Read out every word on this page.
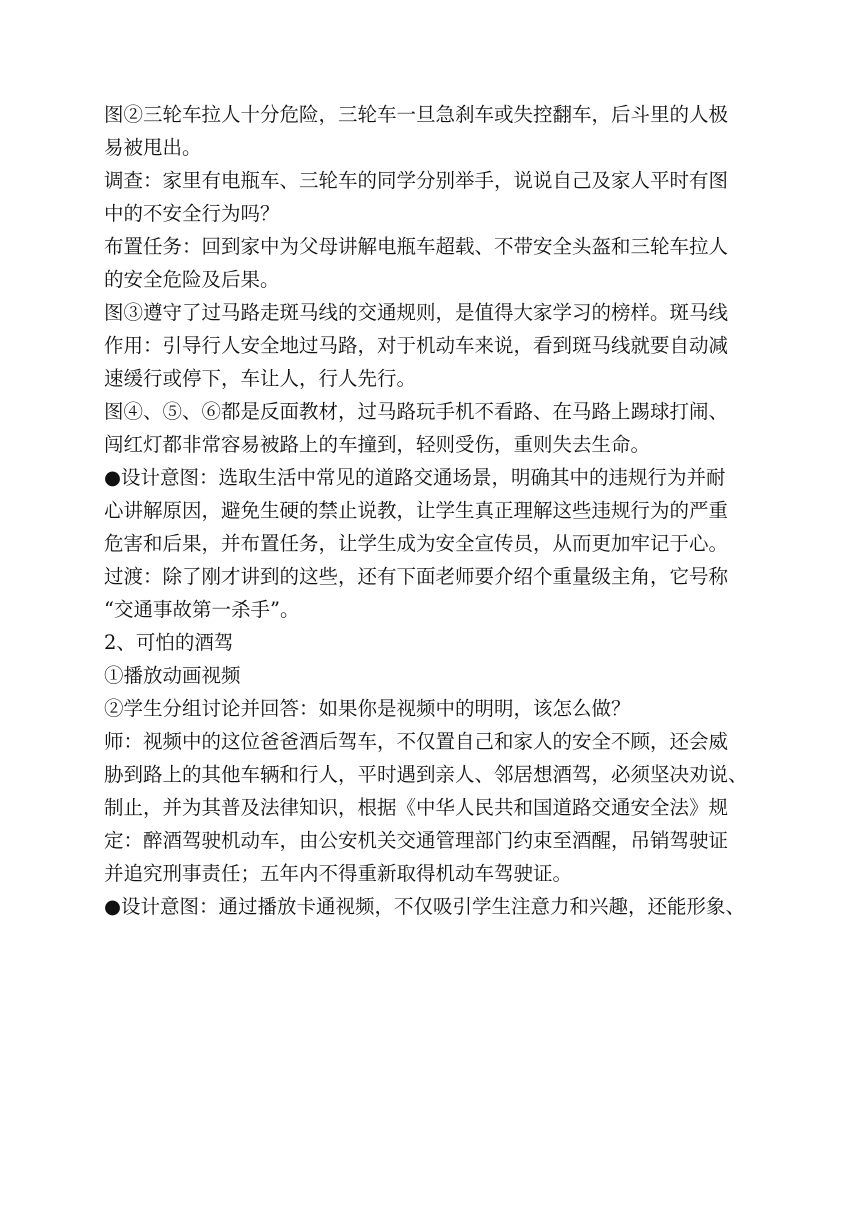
图②三轮车拉人十分危险，三轮车一旦急刹车或失控翻车，后斗里的人极
易被甩出。
调查：家里有电瓶车、三轮车的同学分别举手，说说自己及家人平时有图
中的不安全行为吗？
布置任务：回到家中为父母讲解电瓶车超载、不带安全头盔和三轮车拉人
的安全危险及后果。
图③遵守了过马路走斑马线的交通规则，是值得大家学习的榜样。斑马线
作用：引导行人安全地过马路，对于机动车来说，看到斑马线就要自动减
速缓行或停下，车让人，行人先行。
图④、⑤、⑥都是反面教材，过马路玩手机不看路、在马路上踢球打闹、
闯红灯都非常容易被路上的车撞到，轻则受伤，重则失去生命。
●设计意图：选取生活中常见的道路交通场景，明确其中的违规行为并耐
心讲解原因，避免生硬的禁止说教，让学生真正理解这些违规行为的严重
危害和后果，并布置任务，让学生成为安全宣传员，从而更加牢记于心。
过渡：除了刚才讲到的这些，还有下面老师要介绍个重量级主角，它号称
“交通事故第一杀手”。
2、可怕的酒驾
①播放动画视频
②学生分组讨论并回答：如果你是视频中的明明，该怎么做？
师：视频中的这位爸爸酒后驾车，不仅置自己和家人的安全不顾，还会威
胁到路上的其他车辆和行人，平时遇到亲人、邻居想酒驾，必须坚决劝说、
制止，并为其普及法律知识，根据《中华人民共和国道路交通安全法》规
定：醉酒驾驶机动车，由公安机关交通管理部门约束至酒醒，吊销驾驶证
并追究刑事责任；五年内不得重新取得机动车驾驶证。
●设计意图：通过播放卡通视频，不仅吸引学生注意力和兴趣，还能形象、
